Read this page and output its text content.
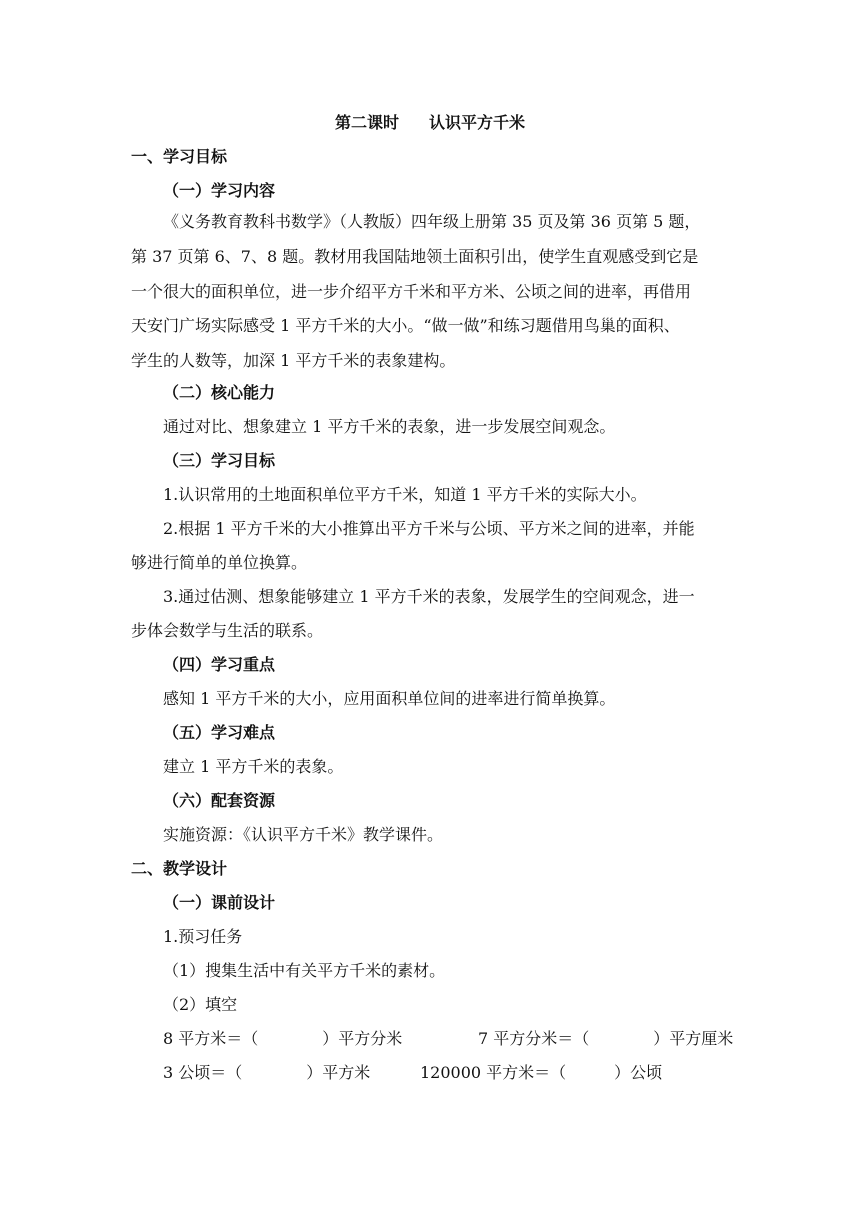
第二课时 认识平方千米
一、学习目标
（一）学习内容
《义务教育教科书数学》（人教版）四年级上册第 35 页及第 36 页第 5 题，
第 37 页第 6、7、8 题。教材用我国陆地领土面积引出，使学生直观感受到它是
一个很大的面积单位，进一步介绍平方千米和平方米、公顷之间的进率，再借用
天安门广场实际感受 1 平方千米的大小。“做一做”和练习题借用鸟巢的面积、
学生的人数等，加深 1 平方千米的表象建构。
（二）核心能力
通过对比、想象建立 1 平方千米的表象，进一步发展空间观念。
（三）学习目标
1.认识常用的土地面积单位平方千米，知道 1 平方千米的实际大小。
2.根据 1 平方千米的大小推算出平方千米与公顷、平方米之间的进率，并能
够进行简单的单位换算。
3.通过估测、想象能够建立 1 平方千米的表象，发展学生的空间观念，进一
步体会数学与生活的联系。
（四）学习重点
感知 1 平方千米的大小，应用面积单位间的进率进行简单换算。
（五）学习难点
建立 1 平方千米的表象。
（六）配套资源
实施资源：《认识平方千米》教学课件。
二、教学设计
（一）课前设计
1.预习任务
（1）搜集生活中有关平方千米的素材。
（2）填空
8 平方米＝（　　　　）平方分米	7 平方分米＝（　　　　）平方厘米
3 公顷＝（　　　　）平方米	120000 平方米＝（　　　）公顷
